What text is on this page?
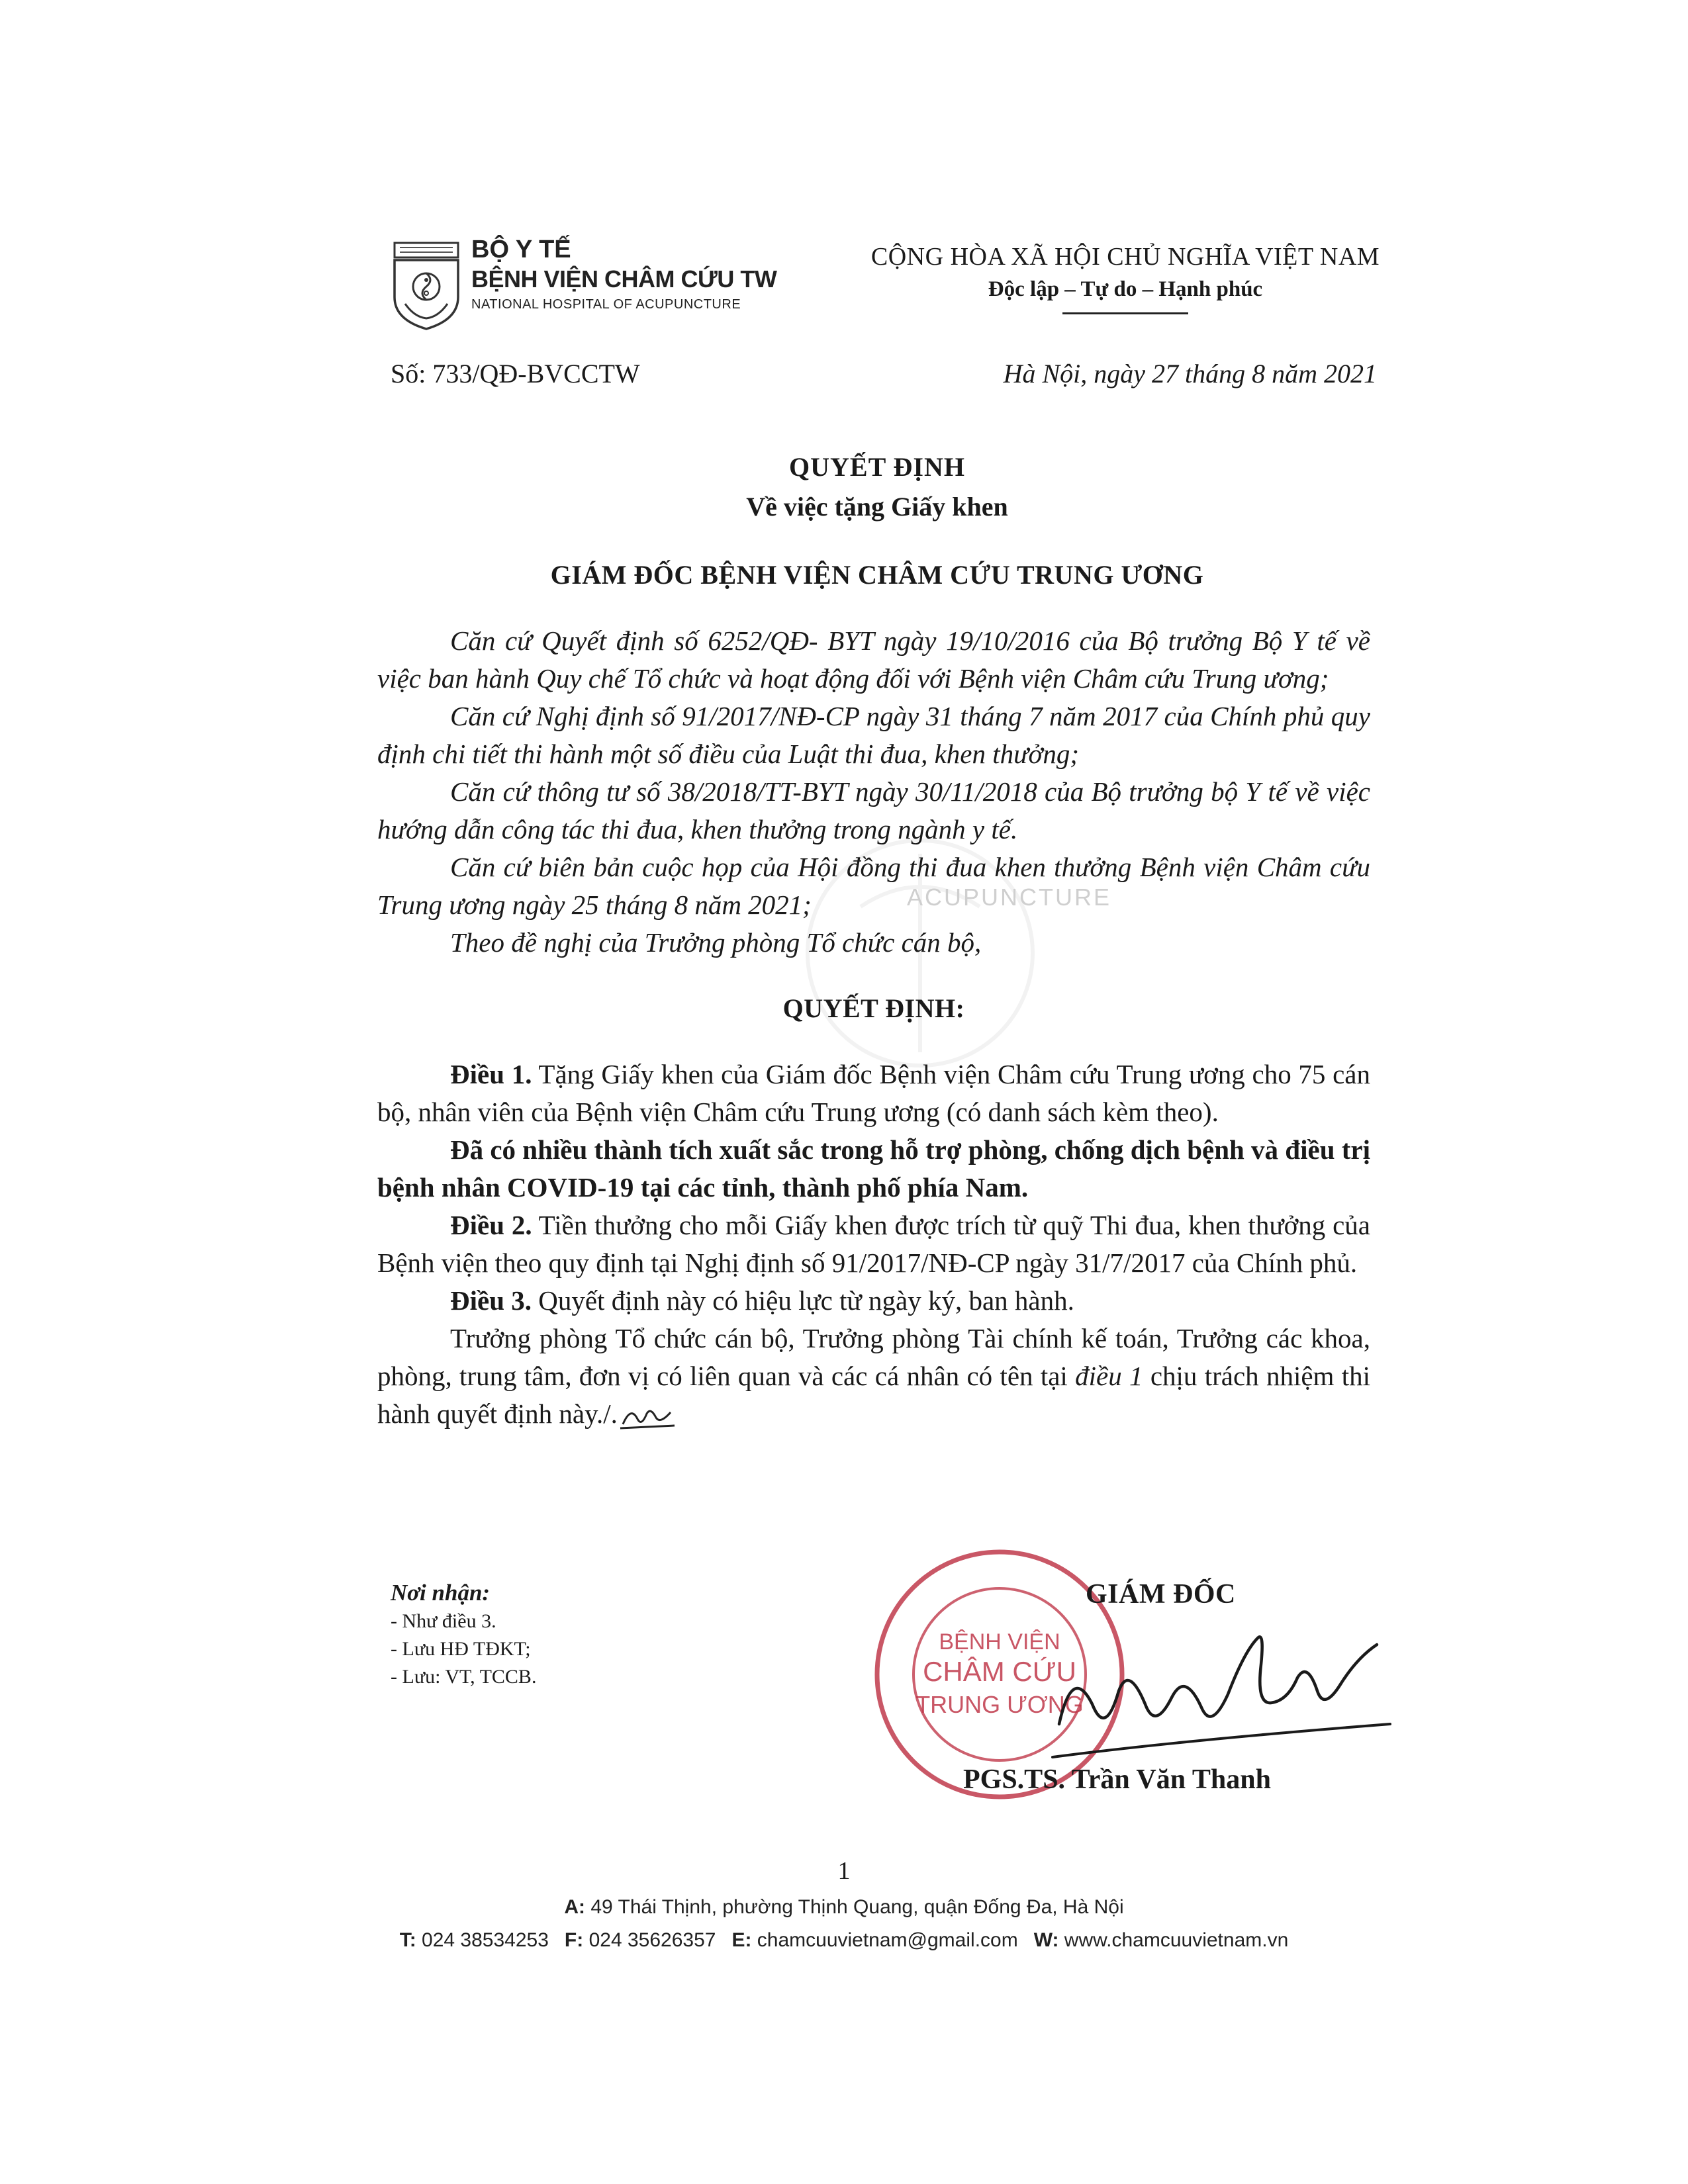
ACUPUNCTURE
BỘ Y TẾ
BỆNH VIỆN CHÂM CỨU TW
NATIONAL HOSPITAL OF ACUPUNCTURE
CỘNG HÒA XÃ HỘI CHỦ NGHĨA VIỆT NAM
Độc lập – Tự do – Hạnh phúc
Số: 733/QĐ-BVCCTW	Hà Nội, ngày 27 tháng 8 năm 2021
QUYẾT ĐỊNH
Về việc tặng Giấy khen
GIÁM ĐỐC BỆNH VIỆN CHÂM CỨU TRUNG ƯƠNG

Căn cứ Quyết định số 6252/QĐ- BYT ngày 19/10/2016 của Bộ trưởng Bộ Y tế về việc ban hành Quy chế Tổ chức và hoạt động đối với Bệnh viện Châm cứu Trung ương;

Căn cứ Nghị định số 91/2017/NĐ-CP ngày 31 tháng 7 năm 2017 của Chính phủ quy định chi tiết thi hành một số điều của Luật thi đua, khen thưởng;

Căn cứ thông tư số 38/2018/TT-BYT ngày 30/11/2018 của Bộ trưởng bộ Y tế về việc hướng dẫn công tác thi đua, khen thưởng trong ngành y tế.

Căn cứ biên bản cuộc họp của Hội đồng thi đua khen thưởng Bệnh viện Châm cứu Trung ương ngày 25 tháng 8 năm 2021;

Theo đề nghị của Trưởng phòng Tổ chức cán bộ,

QUYẾT ĐỊNH:

Điều 1. Tặng Giấy khen của Giám đốc Bệnh viện Châm cứu Trung ương cho 75 cán bộ, nhân viên của Bệnh viện Châm cứu Trung ương (có danh sách kèm theo).

Đã có nhiều thành tích xuất sắc trong hỗ trợ phòng, chống dịch bệnh và điều trị bệnh nhân COVID-19 tại các tỉnh, thành phố phía Nam.

Điều 2. Tiền thưởng cho mỗi Giấy khen được trích từ quỹ Thi đua, khen thưởng của Bệnh viện theo quy định tại Nghị định số 91/2017/NĐ-CP ngày 31/7/2017 của Chính phủ.

Điều 3. Quyết định này có hiệu lực từ ngày ký, ban hành.

Trưởng phòng Tổ chức cán bộ, Trưởng phòng Tài chính kế toán, Trưởng các khoa, phòng, trung tâm, đơn vị có liên quan và các cá nhân có tên tại điều 1 chịu trách nhiệm thi hành quyết định này./.

Nơi nhận:
- Như điều 3.
- Lưu HĐ TĐKT;
- Lưu: VT, TCCB.
BỆNH VIỆN
CHÂM CỨU
TRUNG ƯƠNG
GIÁM ĐỐC
PGS.TS. Trần Văn Thanh
1
A: 49 Thái Thịnh, phường Thịnh Quang, quận Đống Đa, Hà Nội
T: 024 38534253 F: 024 35626357 E: chamcuuvietnam@gmail.com W: www.chamcuuvietnam.vn
